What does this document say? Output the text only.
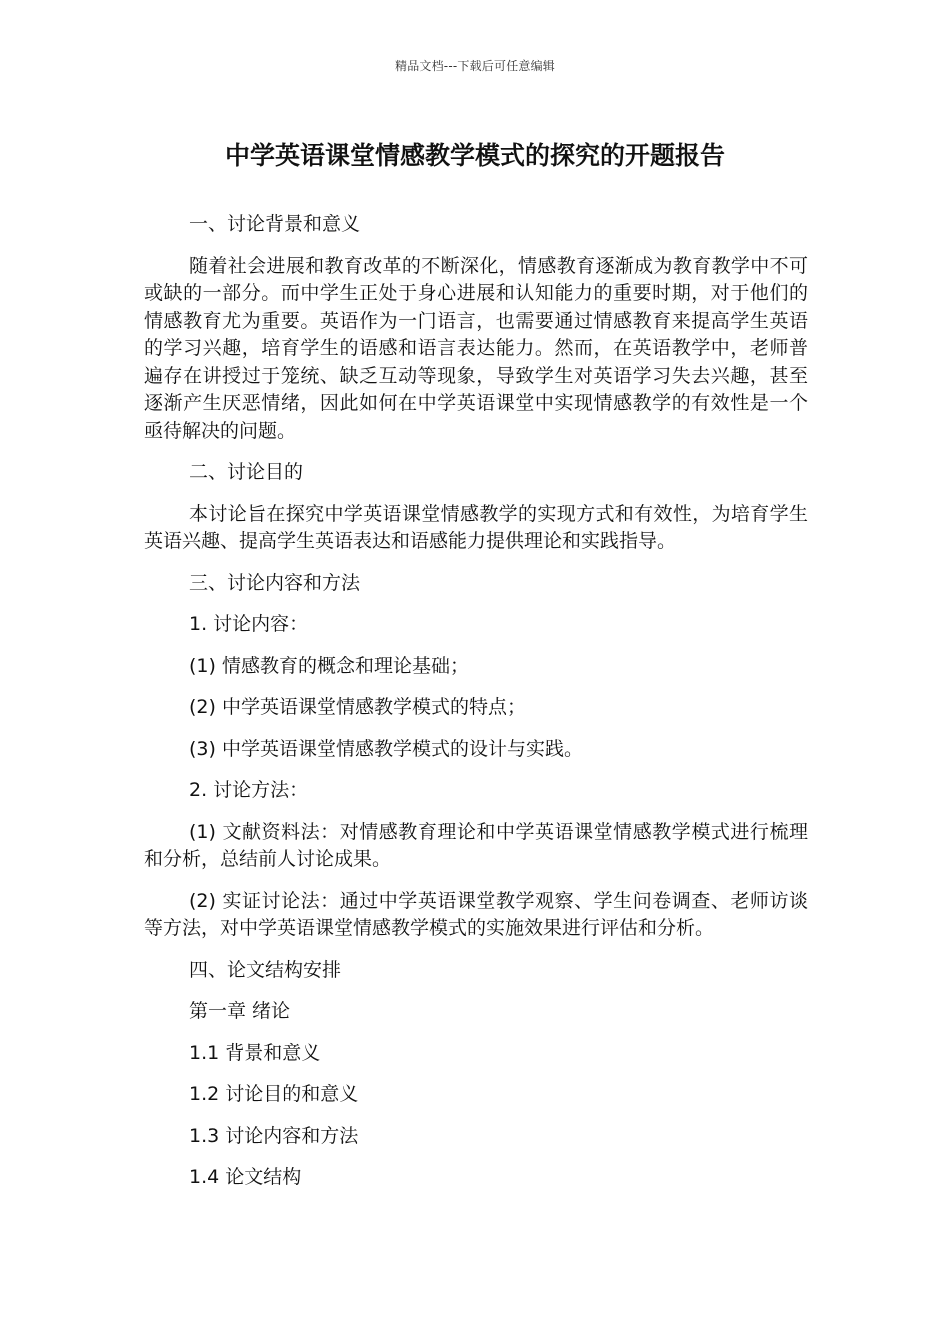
精品文档---下载后可任意编辑
中学英语课堂情感教学模式的探究的开题报告

一、讨论背景和意义

随着社会进展和教育改革的不断深化，情感教育逐渐成为教育教学中不可或缺的一部分。而中学生正处于身心进展和认知能力的重要时期，对于他们的情感教育尤为重要。英语作为一门语言，也需要通过情感教育来提高学生英语的学习兴趣，培育学生的语感和语言表达能力。然而，在英语教学中，老师普遍存在讲授过于笼统、缺乏互动等现象，导致学生对英语学习失去兴趣，甚至逐渐产生厌恶情绪，因此如何在中学英语课堂中实现情感教学的有效性是一个亟待解决的问题。

二、讨论目的

本讨论旨在探究中学英语课堂情感教学的实现方式和有效性，为培育学生英语兴趣、提高学生英语表达和语感能力提供理论和实践指导。

三、讨论内容和方法

1. 讨论内容：

(1) 情感教育的概念和理论基础；

(2) 中学英语课堂情感教学模式的特点；

(3) 中学英语课堂情感教学模式的设计与实践。

2. 讨论方法：

(1) 文献资料法：对情感教育理论和中学英语课堂情感教学模式进行梳理和分析，总结前人讨论成果。

(2) 实证讨论法：通过中学英语课堂教学观察、学生问卷调查、老师访谈等方法，对中学英语课堂情感教学模式的实施效果进行评估和分析。

四、论文结构安排

第一章 绪论

1.1 背景和意义

1.2 讨论目的和意义

1.3 讨论内容和方法

1.4 论文结构
